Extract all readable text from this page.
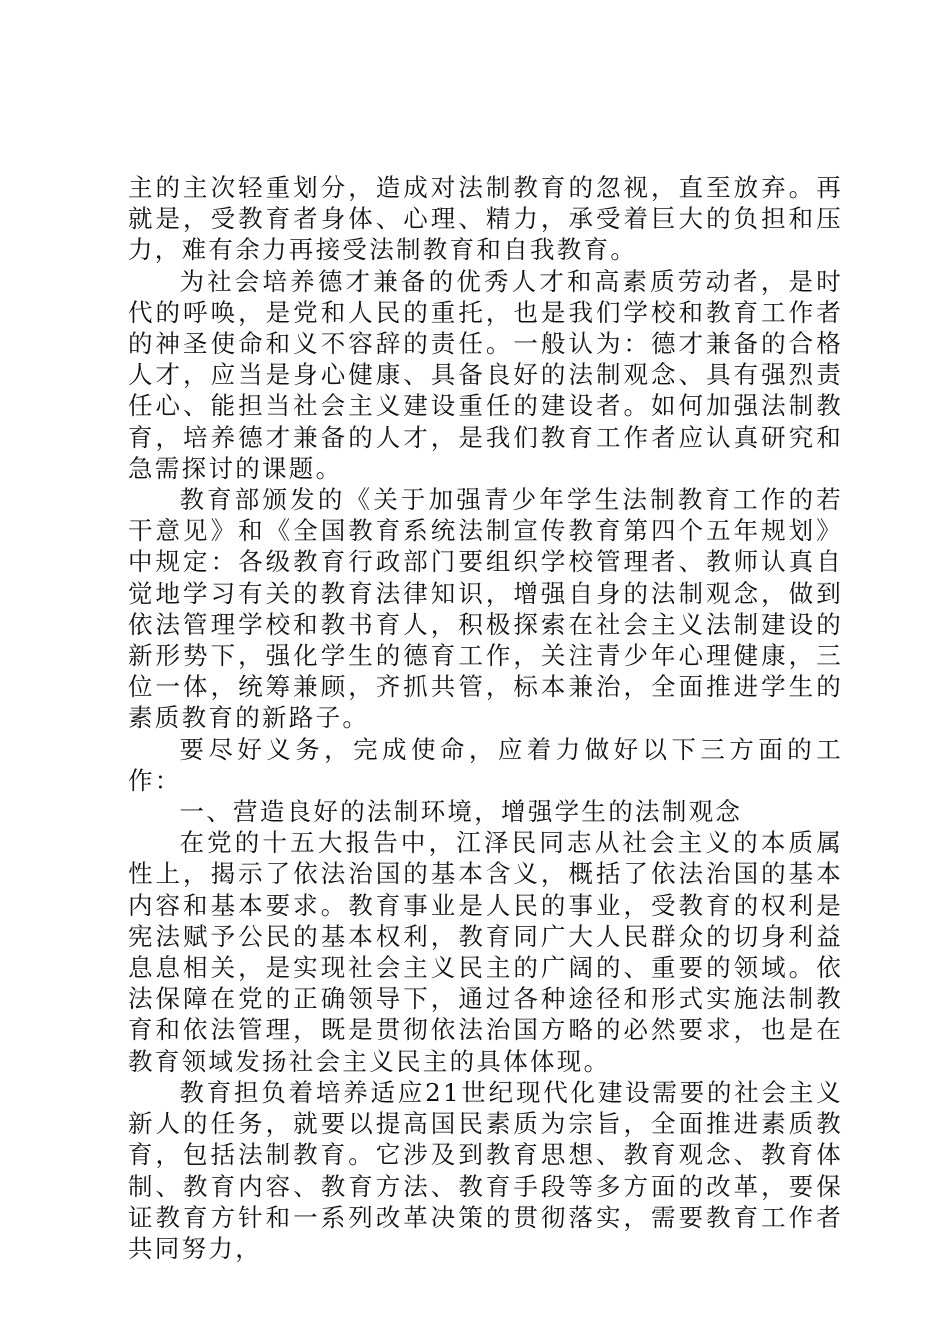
主的主次轻重划分，造成对法制教育的忽视，直至放弃。再就是，受教育者身体、心理、精力，承受着巨大的负担和压力，难有余力再接受法制教育和自我教育。

为社会培养德才兼备的优秀人才和高素质劳动者，是时代的呼唤，是党和人民的重托，也是我们学校和教育工作者的神圣使命和义不容辞的责任。一般认为：德才兼备的合格人才，应当是身心健康、具备良好的法制观念、具有强烈责任心、能担当社会主义建设重任的建设者。如何加强法制教育，培养德才兼备的人才，是我们教育工作者应认真研究和急需探讨的课题。

教育部颁发的《关于加强青少年学生法制教育工作的若干意见》和《全国教育系统法制宣传教育第四个五年规划》中规定：各级教育行政部门要组织学校管理者、教师认真自觉地学习有关的教育法律知识，增强自身的法制观念，做到依法管理学校和教书育人，积极探索在社会主义法制建设的新形势下，强化学生的德育工作，关注青少年心理健康，三位一体，统筹兼顾，齐抓共管，标本兼治，全面推进学生的素质教育的新路子。

要尽好义务，完成使命，应着力做好以下三方面的工作：

一、营造良好的法制环境，增强学生的法制观念

在党的十五大报告中，江泽民同志从社会主义的本质属性上，揭示了依法治国的基本含义，概括了依法治国的基本内容和基本要求。教育事业是人民的事业，受教育的权利是宪法赋予公民的基本权利，教育同广大人民群众的切身利益息息相关，是实现社会主义民主的广阔的、重要的领域。依法保障在党的正确领导下，通过各种途径和形式实施法制教育和依法管理，既是贯彻依法治国方略的必然要求，也是在教育领域发扬社会主义民主的具体体现。

教育担负着培养适应21世纪现代化建设需要的社会主义新人的任务，就要以提高国民素质为宗旨，全面推进素质教育，包括法制教育。它涉及到教育思想、教育观念、教育体制、教育内容、教育方法、教育手段等多方面的改革，要保证教育方针和一系列改革决策的贯彻落实，需要教育工作者共同努力，
